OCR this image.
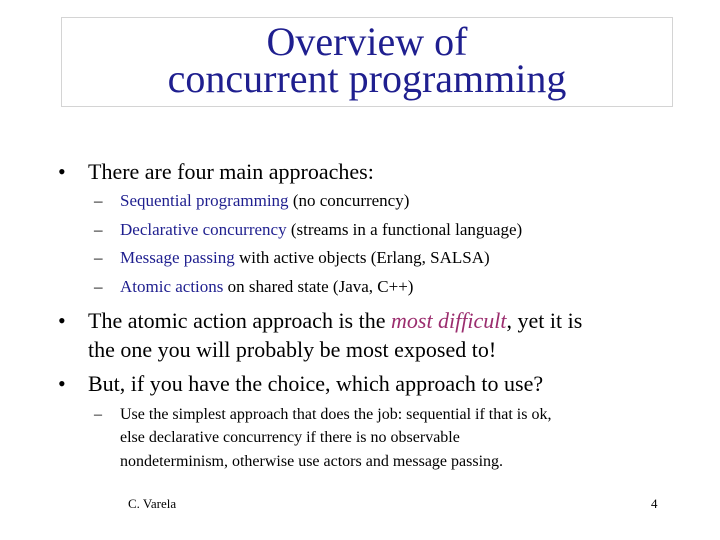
Overview of
concurrent programming
• There are four main approaches:
– Sequential programming (no concurrency)
– Declarative concurrency (streams in a functional language)
– Message passing with active objects (Erlang, SALSA)
– Atomic actions on shared state (Java, C++)
• The atomic action approach is the most difficult, yet it is
the one you will probably be most exposed to!
• But, if you have the choice, which approach to use?
– Use the simplest approach that does the job: sequential if that is ok,
else declarative concurrency if there is no observable
nondeterminism, otherwise use actors and message passing.
C. Varela	4
